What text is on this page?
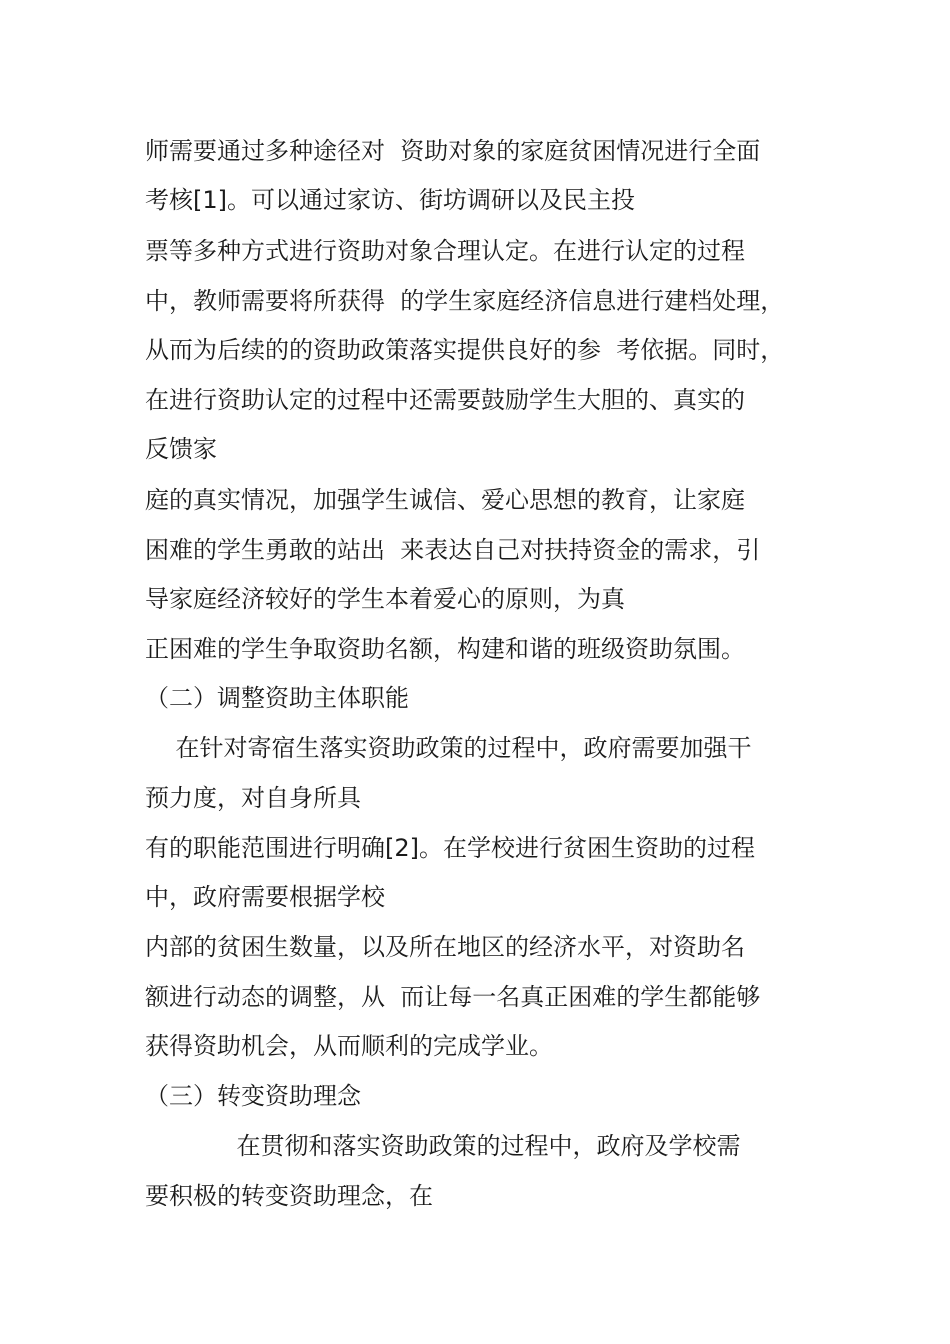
师需要通过多种途径对  资助对象的家庭贫困情况进行全面
考核[1]。可以通过家访、街坊调研以及民主投
票等多种方式进行资助对象合理认定。在进行认定的过程
中，教师需要将所获得  的学生家庭经济信息进行建档处理，
从而为后续的的资助政策落实提供良好的参  考依据。同时，
在进行资助认定的过程中还需要鼓励学生大胆的、真实的
反馈家
庭的真实情况，加强学生诚信、爱心思想的教育，让家庭
困难的学生勇敢的站出  来表达自己对扶持资金的需求，引
导家庭经济较好的学生本着爱心的原则，为真
正困难的学生争取资助名额，构建和谐的班级资助氛围。
（二）调整资助主体职能
在针对寄宿生落实资助政策的过程中，政府需要加强干
预力度，对自身所具
有的职能范围进行明确[2]。在学校进行贫困生资助的过程
中，政府需要根据学校
内部的贫困生数量，以及所在地区的经济水平，对资助名
额进行动态的调整，从  而让每一名真正困难的学生都能够
获得资助机会，从而顺利的完成学业。
（三）转变资助理念
在贯彻和落实资助政策的过程中，政府及学校需
要积极的转变资助理念，在
